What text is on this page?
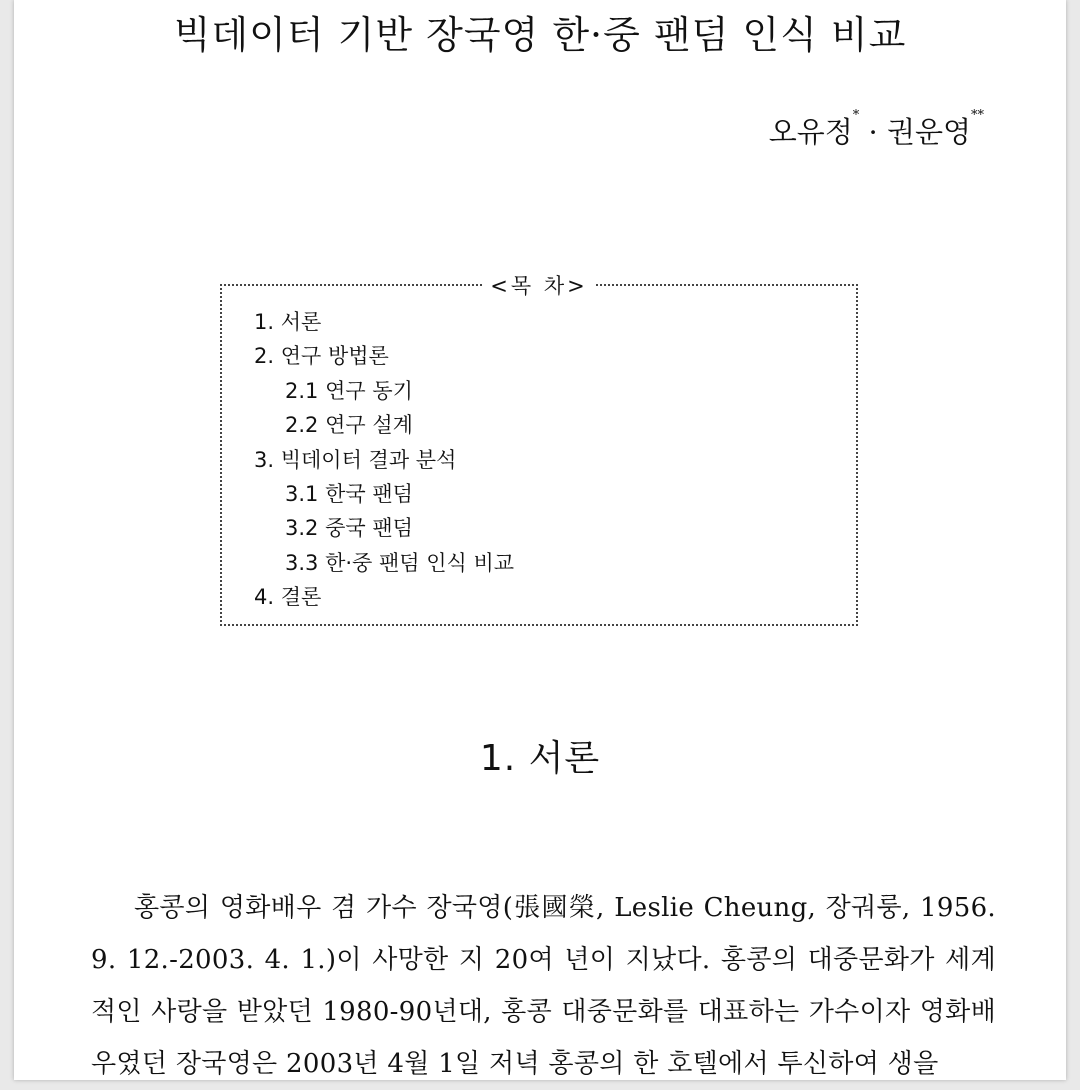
빅데이터 기반 장국영 한·중 팬덤 인식 비교
오유정* · 권운영**
<목 차>
1. 서론
2. 연구 방법론
2.1 연구 동기
2.2 연구 설계
3. 빅데이터 결과 분석
3.1 한국 팬덤
3.2 중국 팬덤
3.3 한·중 팬덤 인식 비교
4. 결론
1. 서론
홍콩의 영화배우 겸 가수 장국영(張國榮, Leslie Cheung, 장궈룽, 1956. 9. 12.-2003. 4. 1.)이 사망한 지 20여 년이 지났다. 홍콩의 대중문화가 세계적인 사랑을 받았던 1980-90년대, 홍콩 대중문화를 대표하는 가수이자 영화배우였던 장국영은 2003년 4월 1일 저녁 홍콩의 한 호텔에서 투신하여 생을
